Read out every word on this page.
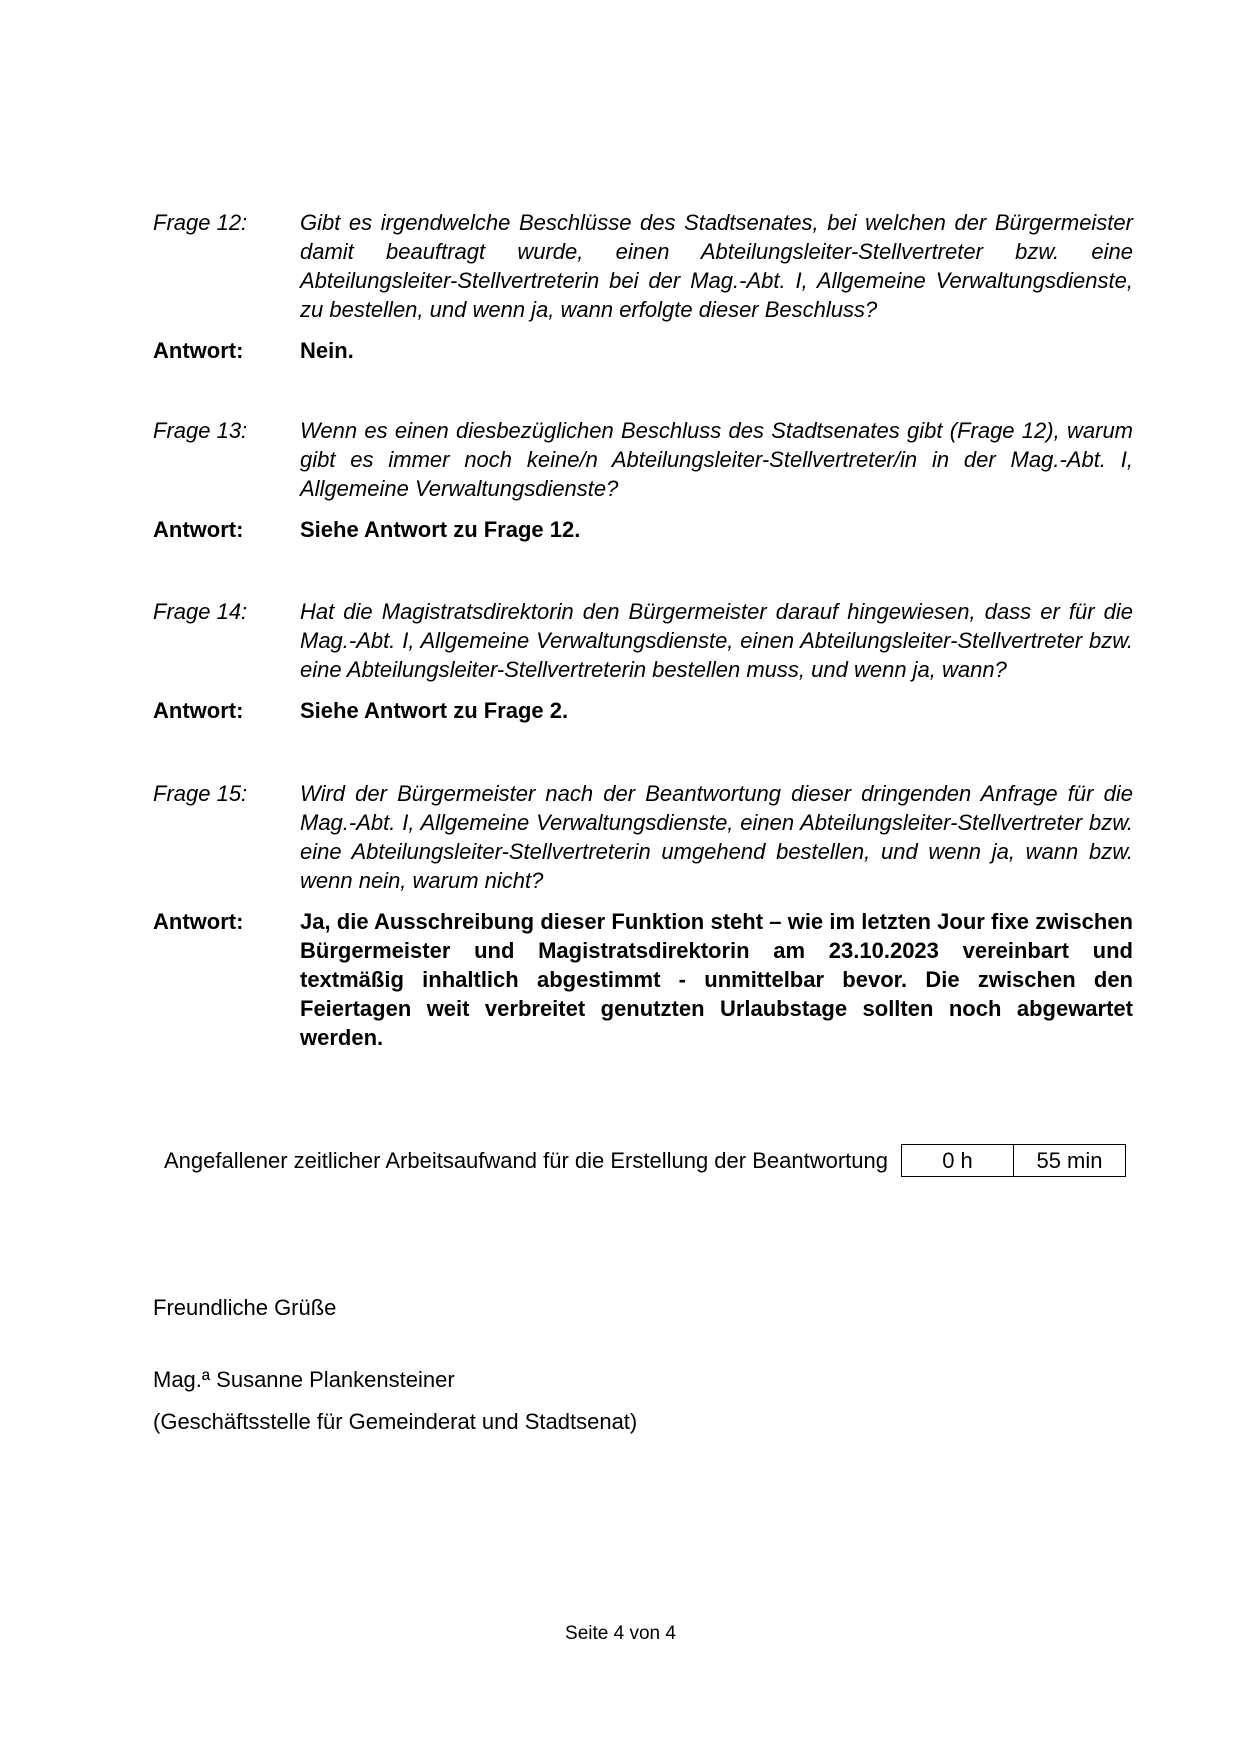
Frage 12:	Gibt es irgendwelche Beschlüsse des Stadtsenates, bei welchen der Bürgermeister damit beauftragt wurde, einen Abteilungsleiter-Stellvertreter bzw. eine Abteilungsleiter-Stellvertreterin bei der Mag.-Abt. I, Allgemeine Verwaltungsdienste, zu bestellen, und wenn ja, wann erfolgte dieser Beschluss?
Antwort:	Nein.
Frage 13:	Wenn es einen diesbezüglichen Beschluss des Stadtsenates gibt (Frage 12), warum gibt es immer noch keine/n Abteilungsleiter-Stellvertreter/in in der Mag.-Abt. I, Allgemeine Verwaltungsdienste?
Antwort:	Siehe Antwort zu Frage 12.
Frage 14:	Hat die Magistratsdirektorin den Bürgermeister darauf hingewiesen, dass er für die Mag.-Abt. I, Allgemeine Verwaltungsdienste, einen Abteilungsleiter-Stellvertreter bzw. eine Abteilungsleiter-Stellvertreterin bestellen muss, und wenn ja, wann?
Antwort:	Siehe Antwort zu Frage 2.
Frage 15:	Wird der Bürgermeister nach der Beantwortung dieser dringenden Anfrage für die Mag.-Abt. I, Allgemeine Verwaltungsdienste, einen Abteilungsleiter-Stellvertreter bzw. eine Abteilungsleiter-Stellvertreterin umgehend bestellen, und wenn ja, wann bzw. wenn nein, warum nicht?
Antwort:	Ja, die Ausschreibung dieser Funktion steht – wie im letzten Jour fixe zwischen Bürgermeister und Magistratsdirektorin am 23.10.2023 vereinbart und textmäßig inhaltlich abgestimmt - unmittelbar bevor. Die zwischen den Feiertagen weit verbreitet genutzten Urlaubstage sollten noch abgewartet werden.
Angefallener zeitlicher Arbeitsaufwand für die Erstellung der Beantwortung	0 h	55 min
Freundliche Grüße
Mag.ª Susanne Plankensteiner
(Geschäftsstelle für Gemeinderat und Stadtsenat)
Seite 4 von 4
